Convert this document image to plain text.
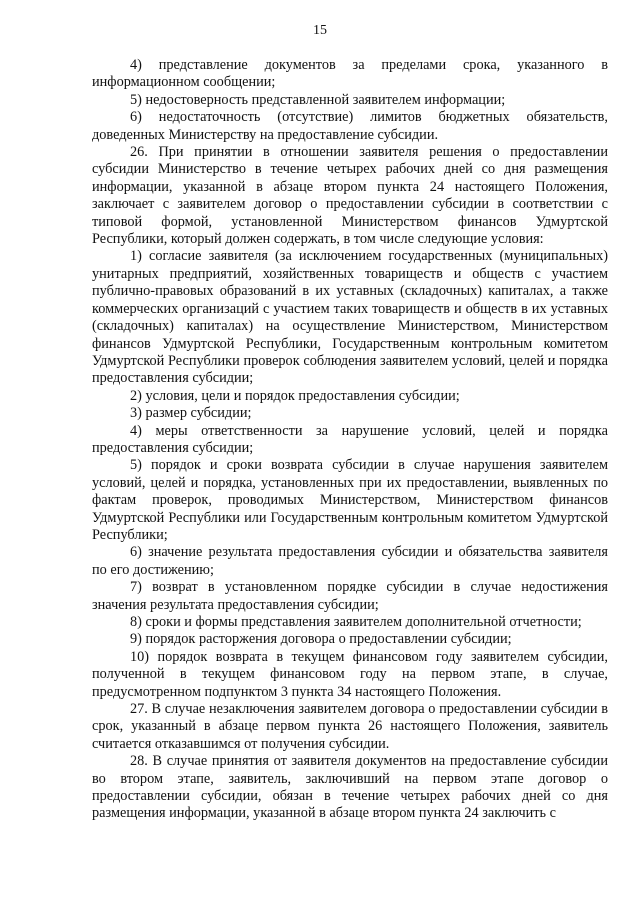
15

4) представление документов за пределами срока, указанного в информационном сообщении;

5) недостоверность представленной заявителем информации;

6) недостаточность (отсутствие) лимитов бюджетных обязательств, доведенных Министерству на предоставление субсидии.

26. При принятии в отношении заявителя решения о предоставлении субсидии Министерство в течение четырех рабочих дней со дня размещения информации, указанной в абзаце втором пункта 24 настоящего Положения, заключает с заявителем договор о предоставлении субсидии в соответствии с типовой формой, установленной Министерством финансов Удмуртской Республики, который должен содержать, в том числе следующие условия:

1) согласие заявителя (за исключением государственных (муниципальных) унитарных предприятий, хозяйственных товариществ и обществ с участием публично-правовых образований в их уставных (складочных) капиталах, а также коммерческих организаций с участием таких товариществ и обществ в их уставных (складочных) капиталах) на осуществление Министерством, Министерством финансов Удмуртской Республики, Государственным контрольным комитетом Удмуртской Республики проверок соблюдения заявителем условий, целей и порядка предоставления субсидии;

2) условия, цели и порядок предоставления субсидии;

3) размер субсидии;

4) меры ответственности за нарушение условий, целей и порядка предоставления субсидии;

5) порядок и сроки возврата субсидии в случае нарушения заявителем условий, целей и порядка, установленных при их предоставлении, выявленных по фактам проверок, проводимых Министерством, Министерством финансов Удмуртской Республики или Государственным контрольным комитетом Удмуртской Республики;

6) значение результата предоставления субсидии и обязательства заявителя по его достижению;

7) возврат в установленном порядке субсидии в случае недостижения значения результата предоставления субсидии;

8) сроки и формы представления заявителем дополнительной отчетности;

9) порядок расторжения договора о предоставлении субсидии;

10) порядок возврата в текущем финансовом году заявителем субсидии, полученной в текущем финансовом году на первом этапе, в случае, предусмотренном подпунктом 3 пункта 34 настоящего Положения.

27. В случае незаключения заявителем договора о предоставлении субсидии в срок, указанный в абзаце первом пункта 26 настоящего Положения, заявитель считается отказавшимся от получения субсидии.

28. В случае принятия от заявителя документов на предоставление субсидии во втором этапе, заявитель, заключивший на первом этапе договор о предоставлении субсидии, обязан в течение четырех рабочих дней со дня размещения информации, указанной в абзаце втором пункта 24 заключить с
